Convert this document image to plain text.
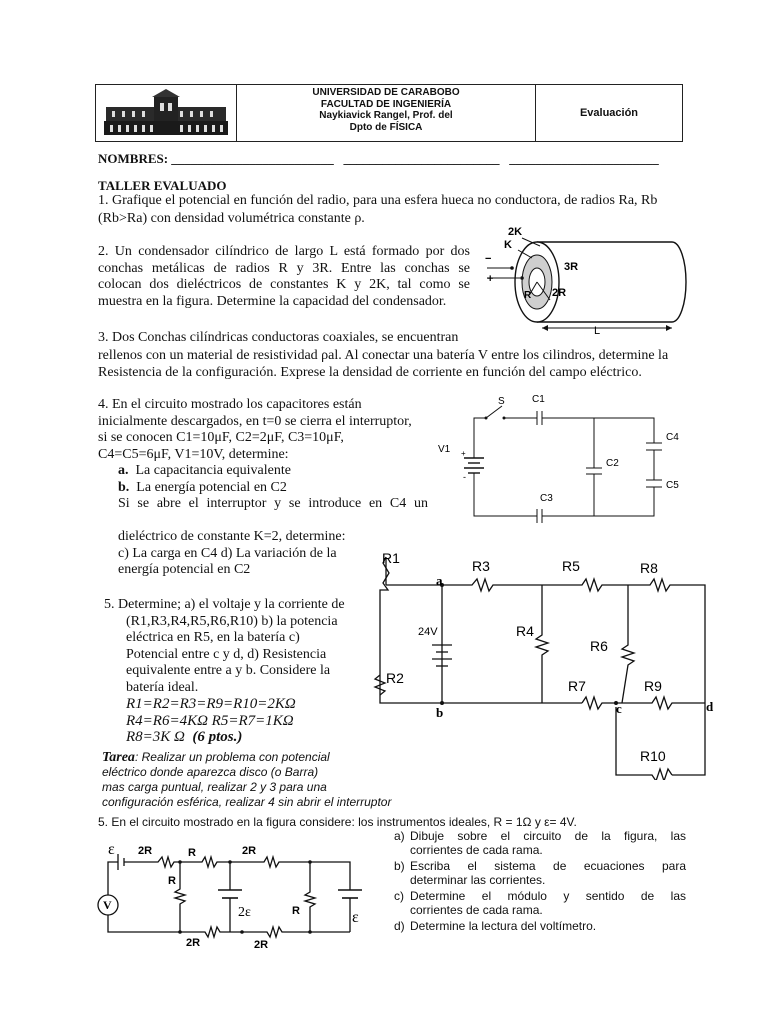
UNIVERSIDAD DE CARABOBO
FACULTAD DE INGENIERÍA
Naykiavick Rangel, Prof. del
Dpto de FÍSICA
Evaluación
NOMBRES: _________________________   ________________________   _______________________
TALLER EVALUADO
1. Grafique el potencial en función del radio, para una esfera hueca no conductora, de radios Ra, Rb
(Rb>Ra) con densidad volumétrica constante ρ.
2. Un condensador cilíndrico de largo L está formado por dos
conchas metálicas de radios R y 3R. Entre las conchas se
colocan dos dieléctricos de constantes K y 2K, tal como se
muestra en la figura. Determine la capacidad del condensador.
2K
K
−
+
3R
R 2R
L
3. Dos Conchas cilíndricas conductoras coaxiales, se encuentran
rellenos con un material de resistividad ρal. Al conectar una batería V entre los cilindros, determine la
Resistencia de la configuración. Exprese la densidad de corriente en función del campo eléctrico.
4. En el circuito mostrado los capacitores están
inicialmente descargados, en t=0 se cierra el interruptor,
si se conocen C1=10μF, C2=2μF, C3=10μF,
C4=C5=6μF, V1=10V, determine:
a. La capacitancia equivalente
b. La energía potencial en C2
Si se abre el interruptor y se introduce en C4 un
dieléctrico de constante K=2, determine:
c) La carga en C4 d) La variación de la
energía potencial en C2
S	C1
C2
C3
C4
C5
V1 +
-
5. Determine; a) el voltaje y la corriente de
(R1,R3,R4,R5,R6,R10) b) la potencia
eléctrica en R5, en la batería c)
Potencial entre c y d, d) Resistencia
equivalente entre a y b. Considere la
batería ideal.
R1=R2=R3=R9=R10=2KΩ
R4=R6=4KΩ R5=R7=1KΩ
R8=3K Ω (6 ptos.)
R1	R3	R5	R8
R4
R6
R2	R7	R9
R10
24V
a
b	c	d
Tarea: Realizar un problema con potencial
eléctrico donde aparezca disco (o Barra)
mas carga puntual, realizar 2 y 3 para una
configuración esférica, realizar 4 sin abrir el interruptor
5. En el circuito mostrado en la figura considere: los instrumentos ideales, R = 1Ω y ε= 4V.
a) Dibuje sobre el circuito de la figura, las
corrientes de cada rama.
b) Escriba el sistema de ecuaciones para
determinar las corrientes.
c) Determine el módulo y sentido de las
corrientes de cada rama.
d) Determine la lectura del voltímetro.
V
ε 2R	R	2R
R
2ε	R	ε
2R	2R
